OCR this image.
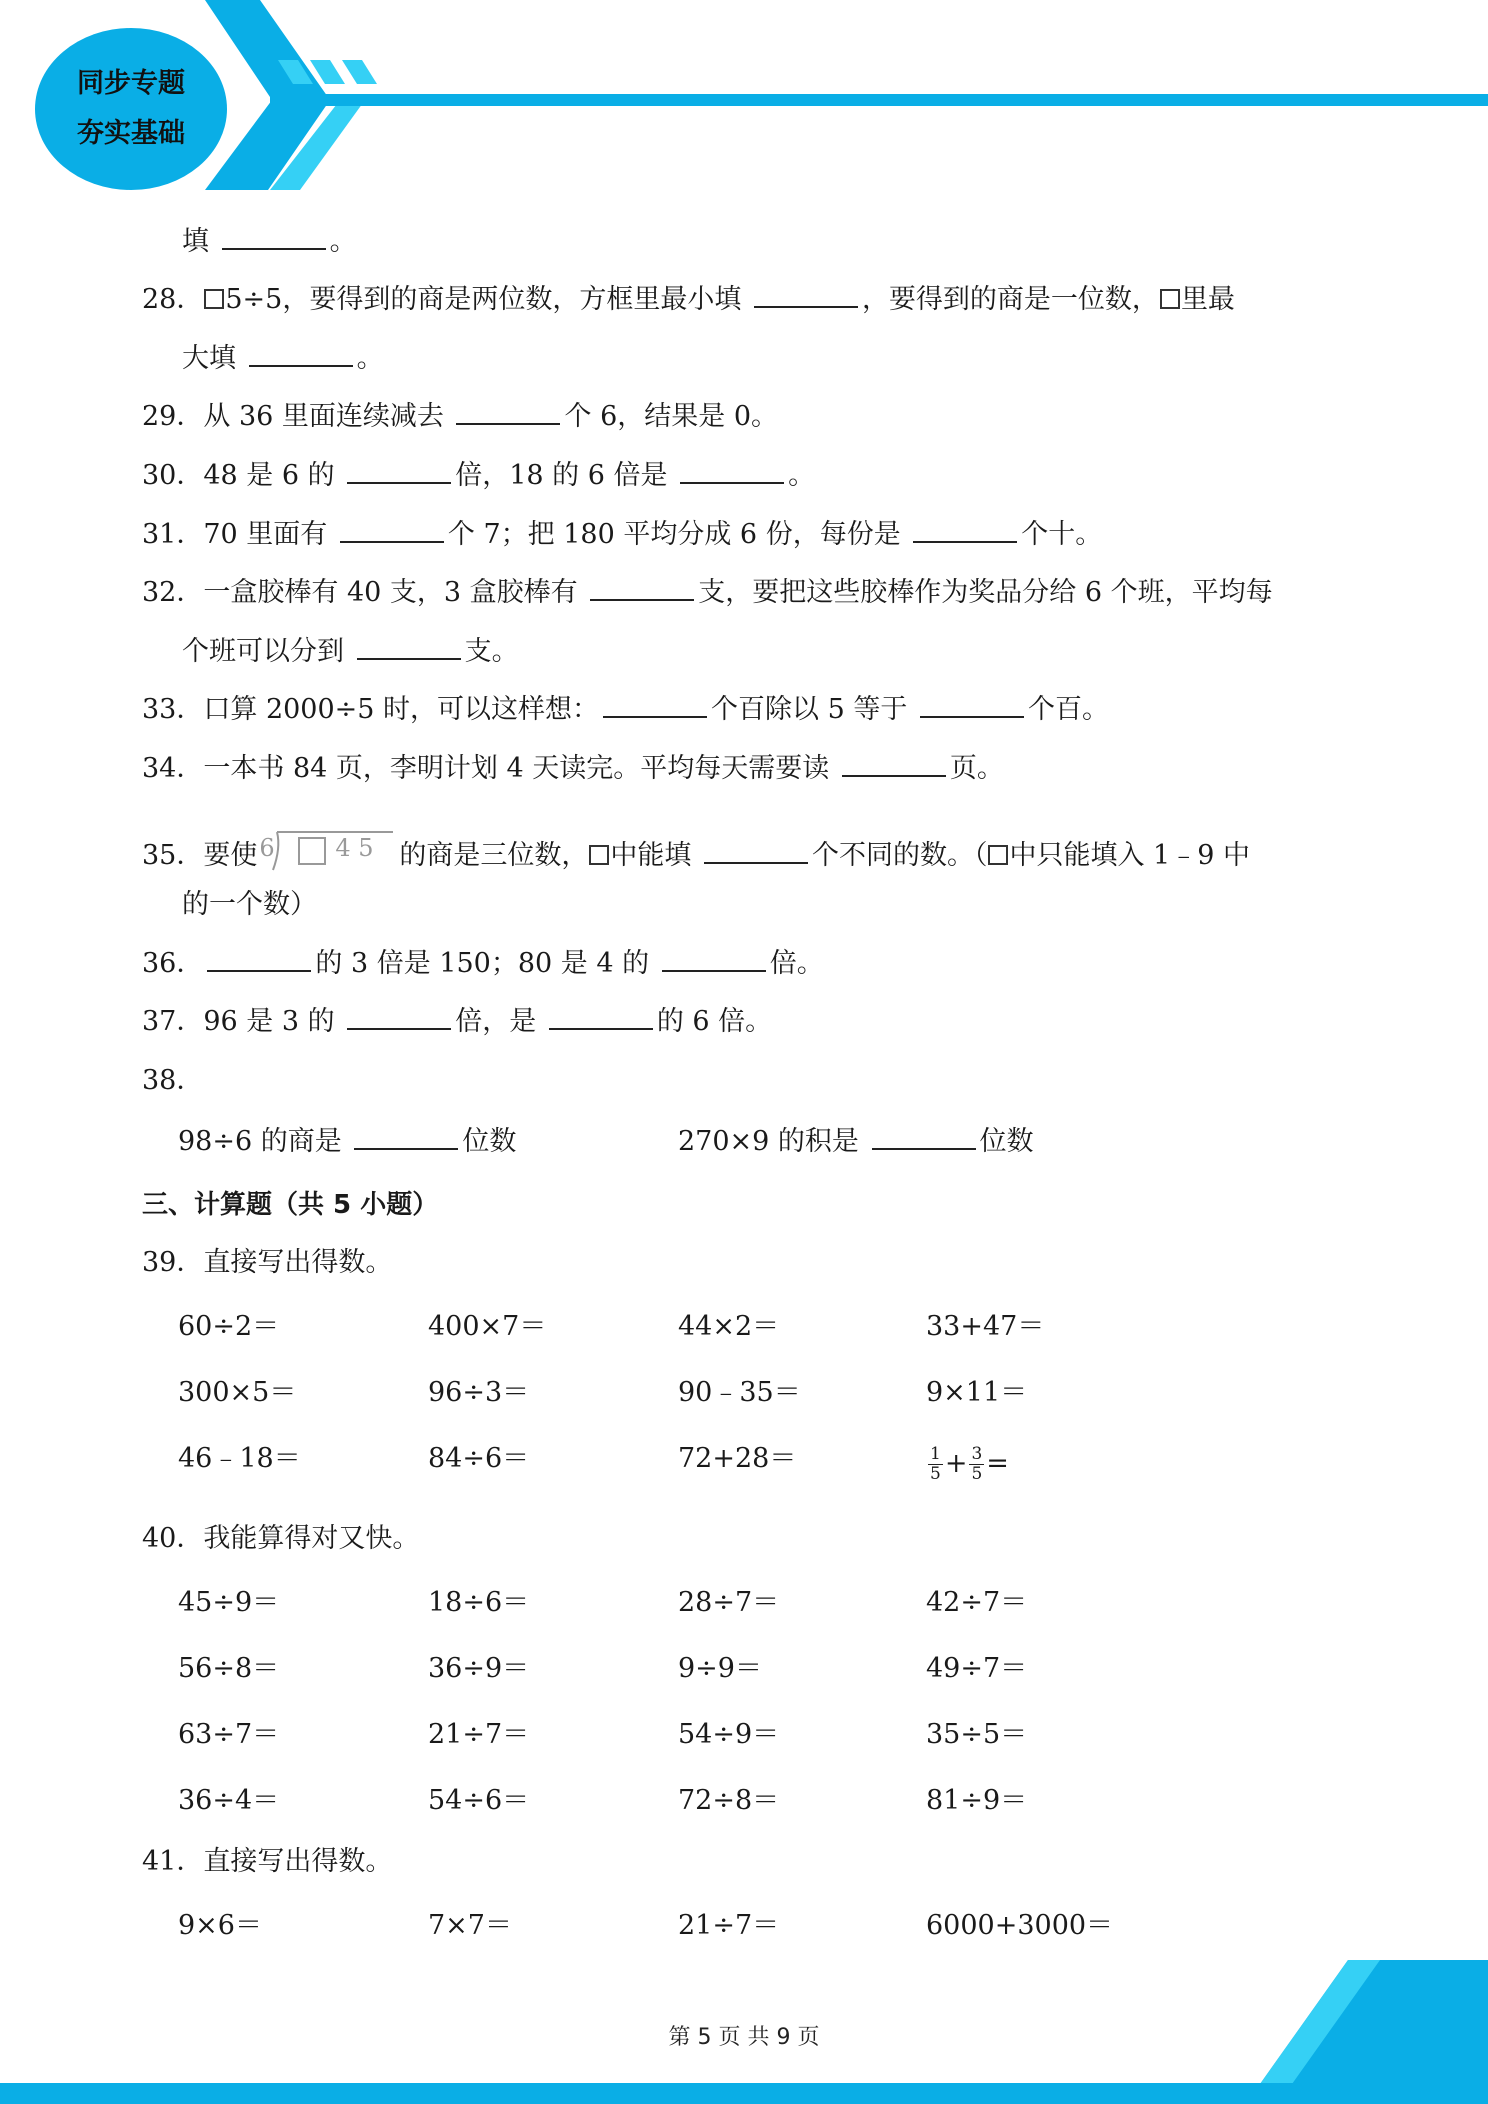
同步专题
夯实基础
填	。
28． 5÷5，要得到的商是两位数，方框里最小填	，要得到的商是一位数， 里最
大填	。
29．从 36 里面连续减去	个 6，结果是 0。
30．48 是 6 的	倍，18 的 6 倍是	。
31．70 里面有	个 7；把 180 平均分成 6 份，每份是	个十。
32．一盒胶棒有 40 支，3 盒胶棒有	支，要把这些胶棒作为奖品分给 6 个班，平均每
个班可以分到	支。
33．口算 2000÷5 时，可以这样想：	个百除以 5 等于	个百。
34．一本书 84 页，李明计划 4 天读完。平均每天需要读	页。
35．要使 6	4 5 的商是三位数， 中能填	个不同的数。（ 中只能填入 1﹣9 中
的一个数）
36．	的 3 倍是 150；80 是 4 的	倍。
37．96 是 3 的	倍，是	的 6 倍。
38．
98÷6 的商是	位数	270×9 的积是	位数
三、计算题（共 5 小题）
39．直接写出得数。
60÷2＝	400×7＝	44×2＝	33+47＝
300×5＝	96÷3＝	90﹣35＝	9×11＝
46﹣18＝	84÷6＝	72+28＝	$\frac{1}{5} + \frac{3}{5}$ =
40．我能算得对又快。
45÷9＝	18÷6＝	28÷7＝	42÷7＝
56÷8＝	36÷9＝	9÷9＝	49÷7＝
63÷7＝	21÷7＝	54÷9＝	35÷5＝
36÷4＝	54÷6＝	72÷8＝	81÷9＝
41．直接写出得数。
9×6＝	7×7＝	21÷7＝	6000+3000＝
第 5 页 共 9 页
